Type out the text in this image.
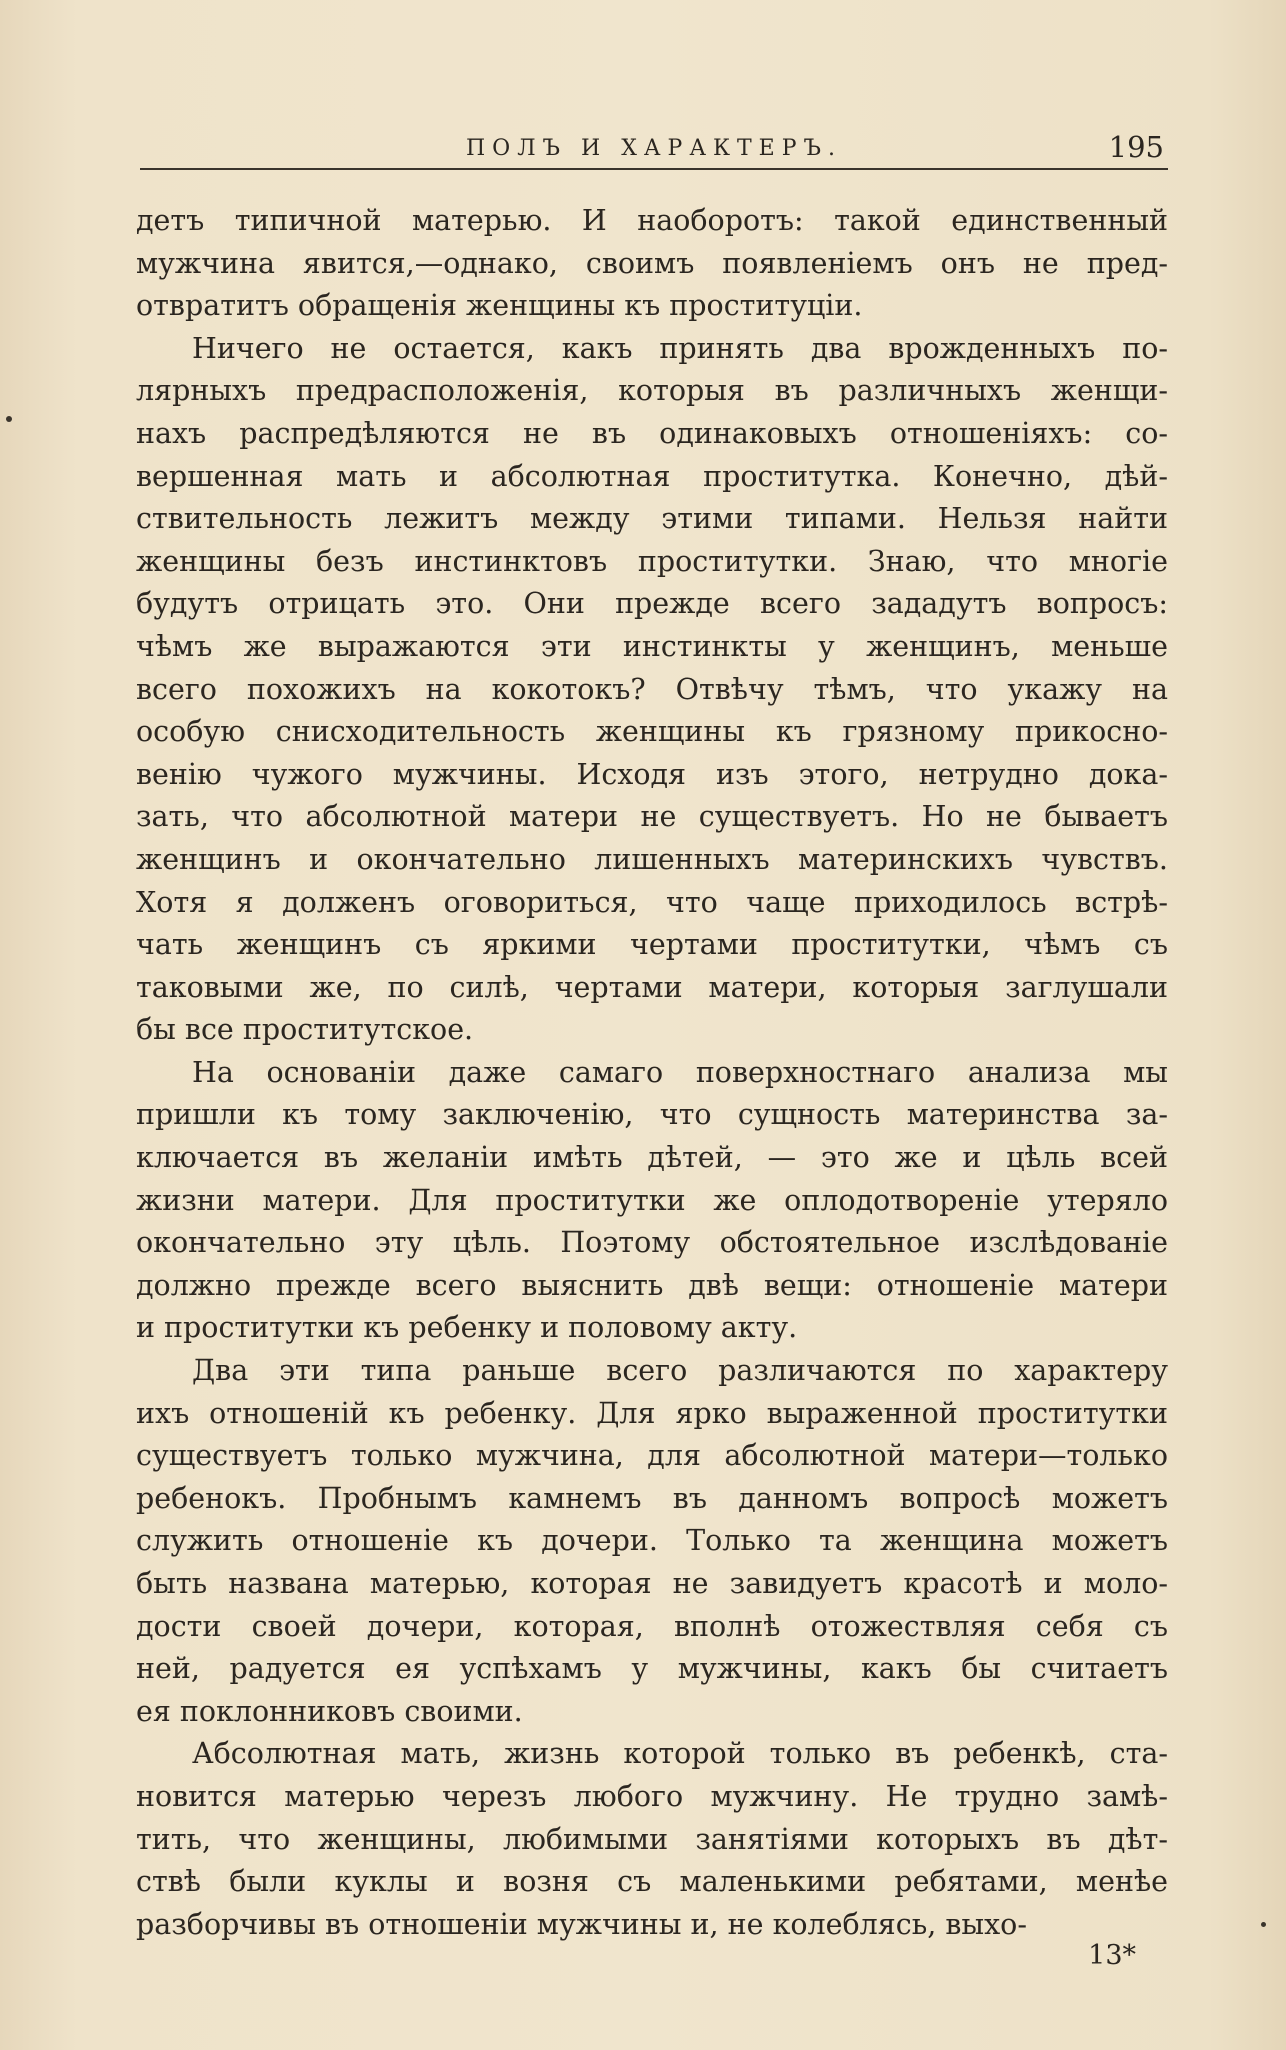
ПОЛЪ И ХАРАКТЕРЪ.	195
детъ типичной матерью. И наоборотъ: такой единственный
мужчина явится,—однако, своимъ появленіемъ онъ не пред-
отвратитъ обращенія женщины къ проституціи.
Ничего не остается, какъ принять два врожденныхъ по-
лярныхъ предрасположенія, которыя въ различныхъ женщи-
нахъ распредѣляются не въ одинаковыхъ отношеніяхъ: со-
вершенная мать и абсолютная проститутка. Конечно, дѣй-
ствительность лежитъ между этими типами. Нельзя найти
женщины безъ инстинктовъ проститутки. Знаю, что многіе
будутъ отрицать это. Они прежде всего зададутъ вопросъ:
чѣмъ же выражаются эти инстинкты у женщинъ, меньше
всего похожихъ на кокотокъ? Отвѣчу тѣмъ, что укажу на
особую снисходительность женщины къ грязному прикосно-
венію чужого мужчины. Исходя изъ этого, нетрудно дока-
зать, что абсолютной матери не существуетъ. Но не бываетъ
женщинъ и окончательно лишенныхъ материнскихъ чувствъ.
Хотя я долженъ оговориться, что чаще приходилось встрѣ-
чать женщинъ съ яркими чертами проститутки, чѣмъ съ
таковыми же, по силѣ, чертами матери, которыя заглушали
бы все проститутское.
На основаніи даже самаго поверхностнаго анализа мы
пришли къ тому заключенію, что сущность материнства за-
ключается въ желаніи имѣть дѣтей, — это же и цѣль всей
жизни матери. Для проститутки же оплодотвореніе утеряло
окончательно эту цѣль. Поэтому обстоятельное изслѣдованіе
должно прежде всего выяснить двѣ вещи: отношеніе матери
и проститутки къ ребенку и половому акту.
Два эти типа раньше всего различаются по характеру
ихъ отношеній къ ребенку. Для ярко выраженной проститутки
существуетъ только мужчина, для абсолютной матери—только
ребенокъ. Пробнымъ камнемъ въ данномъ вопросѣ можетъ
служить отношеніе къ дочери. Только та женщина можетъ
быть названа матерью, которая не завидуетъ красотѣ и моло-
дости своей дочери, которая, вполнѣ отожествляя себя съ
ней, радуется ея успѣхамъ у мужчины, какъ бы считаетъ
ея поклонниковъ своими.
Абсолютная мать, жизнь которой только въ ребенкѣ, ста-
новится матерью черезъ любого мужчину. Не трудно замѣ-
тить, что женщины, любимыми занятіями которыхъ въ дѣт-
ствѣ были куклы и возня съ маленькими ребятами, менѣе
разборчивы въ отношеніи мужчины и, не колеблясь, выхо-
13*
